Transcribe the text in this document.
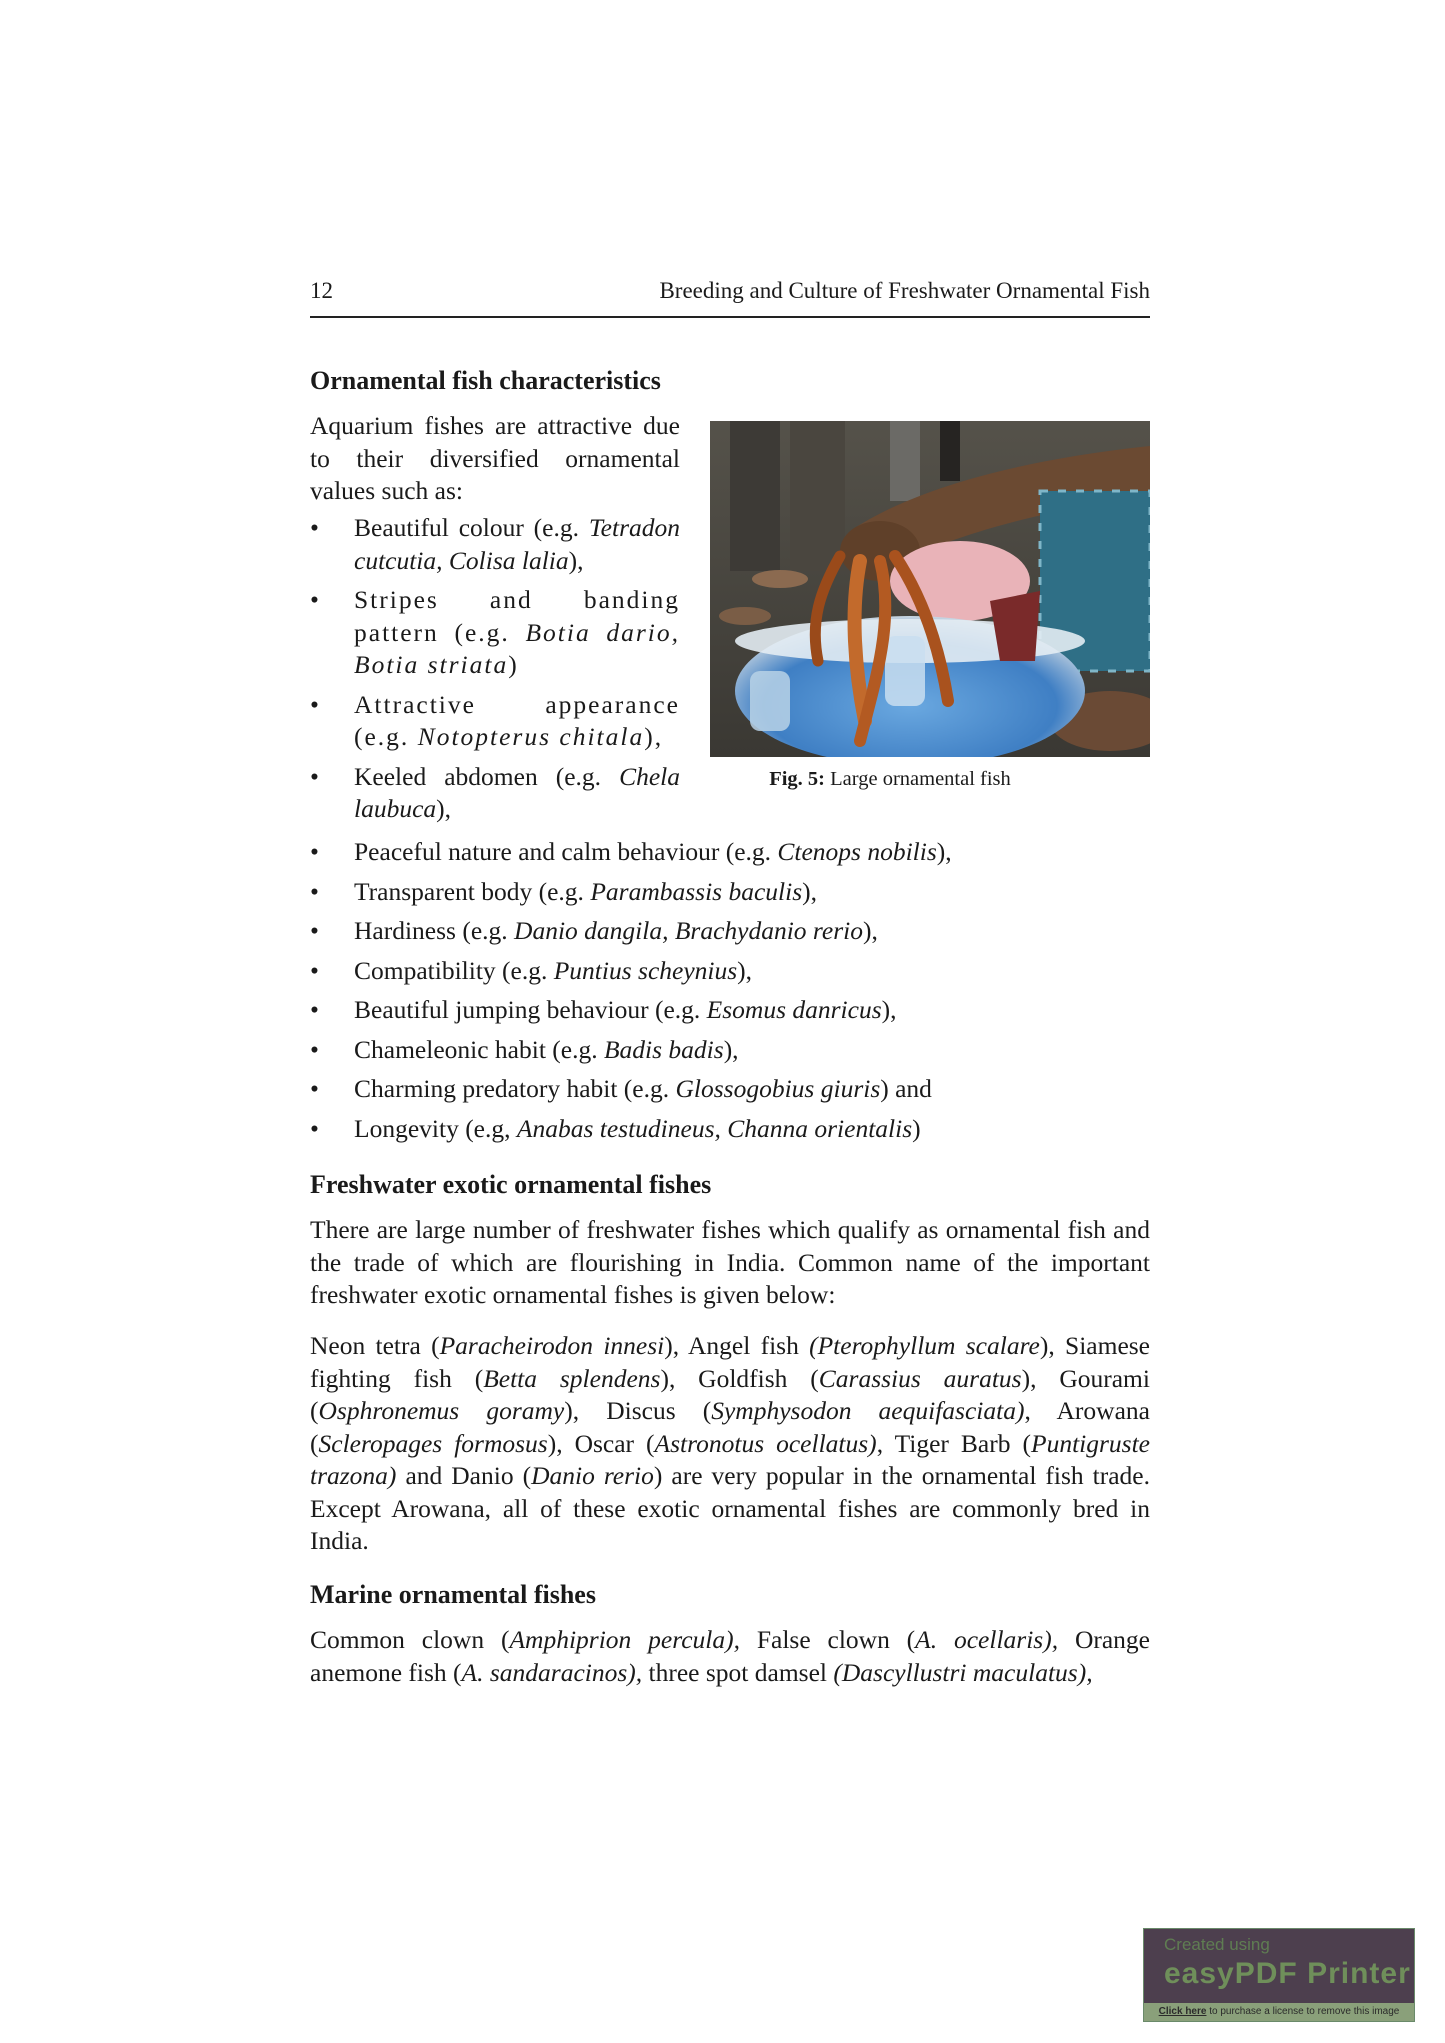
12	Breeding and Culture of Freshwater Ornamental Fish
Ornamental fish characteristics

Aquarium fishes are attractive due to their diversified ornamental values such as:

• Beautiful colour (e.g. Tetradon cutcutia, Colisa lalia),
• Stripes and banding pattern (e.g. Botia dario, Botia striata)
• Attractive appearance (e.g. Notopterus chitala),
• Keeled abdomen (e.g. Chela laubuca),
Fig. 5: Large ornamental fish
• Peaceful nature and calm behaviour (e.g. Ctenops nobilis),
• Transparent body (e.g. Parambassis baculis),
• Hardiness (e.g. Danio dangila, Brachydanio rerio),
• Compatibility (e.g. Puntius scheynius),
• Beautiful jumping behaviour (e.g. Esomus danricus),
• Chameleonic habit (e.g. Badis badis),
• Charming predatory habit (e.g. Glossogobius giuris) and
• Longevity (e.g, Anabas testudineus, Channa orientalis)
Freshwater exotic ornamental fishes

There are large number of freshwater fishes which qualify as ornamental fish and the trade of which are flourishing in India. Common name of the important freshwater exotic ornamental fishes is given below:

Neon tetra (Paracheirodon innesi), Angel fish (Pterophyllum scalare), Siamese fighting fish (Betta splendens), Goldfish (Carassius auratus), Gourami (Osphronemus goramy), Discus (Symphysodon aequifasciata), Arowana (Scleropages formosus), Oscar (Astronotus ocellatus), Tiger Barb (Puntigruste trazona) and Danio (Danio rerio) are very popular in the ornamental fish trade. Except Arowana, all of these exotic ornamental fishes are commonly bred in India.

Marine ornamental fishes

Common clown (Amphiprion percula), False clown (A. ocellaris), Orange anemone fish (A. sandaracinos), three spot damsel (Dascyllustri maculatus),

Created using
easyPDF Printer
Click here to purchase a license to remove this image
